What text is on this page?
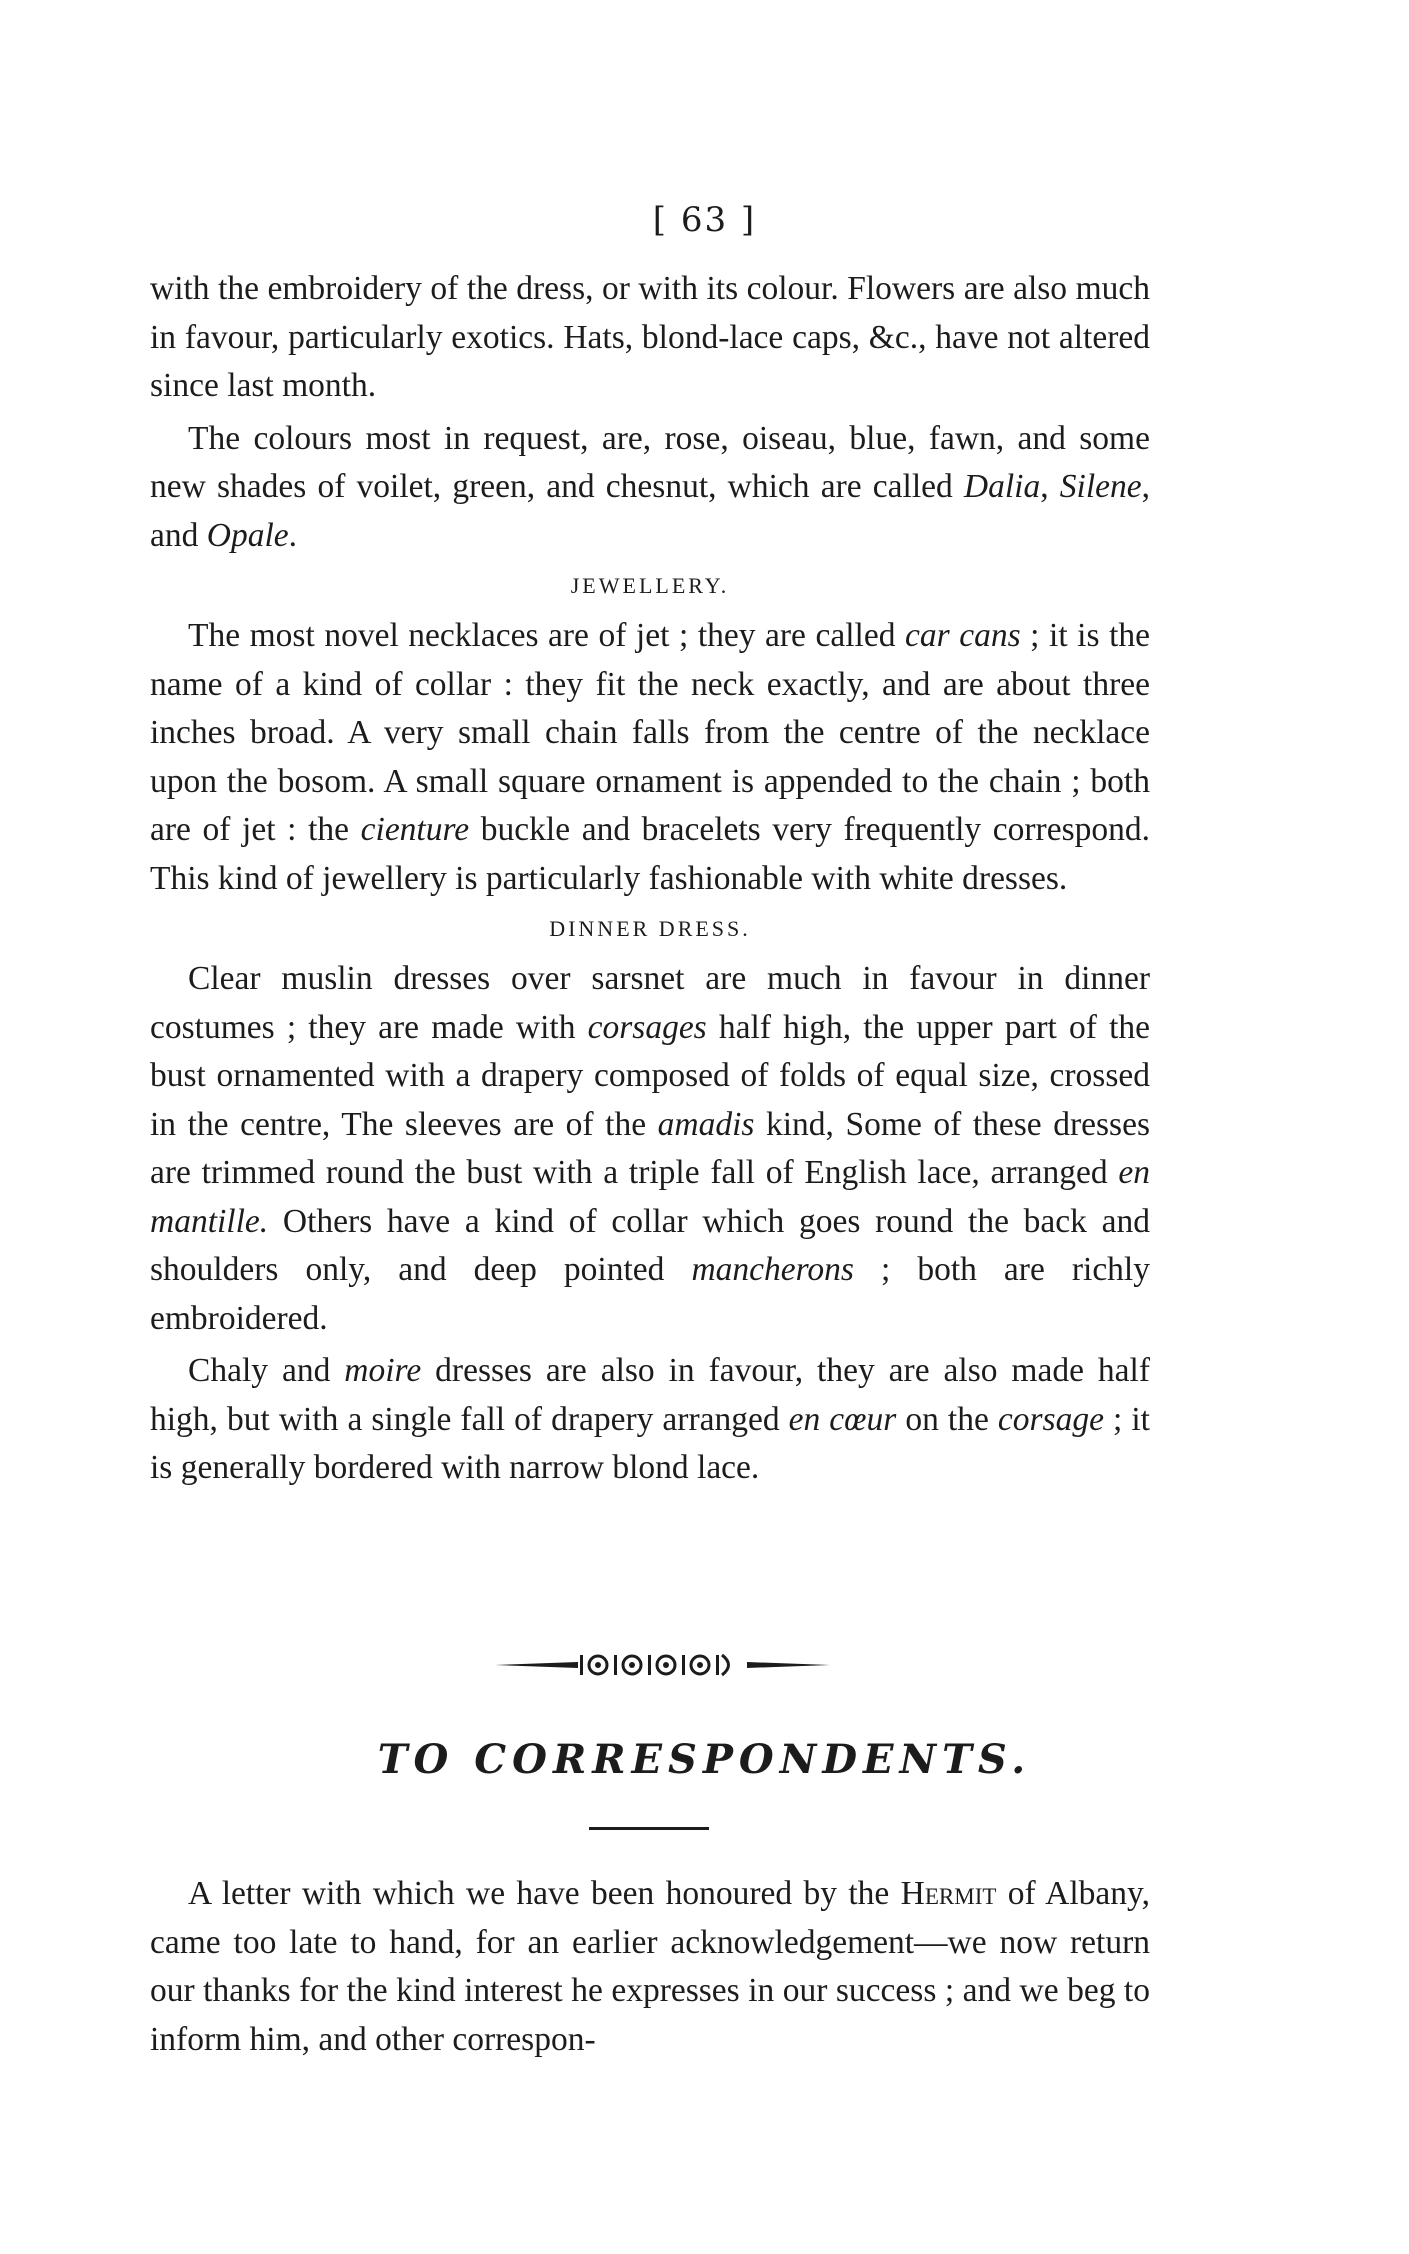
[ 63 ]

with the embroidery of the dress, or with its colour. Flowers are also much in favour, particularly exotics. Hats, blond-lace caps, &c., have not altered since last month.

The colours most in request, are, rose, oiseau, blue, fawn, and some new shades of voilet, green, and chesnut, which are called Dalia, Silene, and Opale.

JEWELLERY.

The most novel necklaces are of jet ; they are called car cans ; it is the name of a kind of collar : they fit the neck exactly, and are about three inches broad. A very small chain falls from the centre of the necklace upon the bosom. A small square ornament is appended to the chain ; both are of jet : the cienture buckle and bracelets very frequently correspond. This kind of jewellery is particularly fashionable with white dresses.

DINNER DRESS.

Clear muslin dresses over sarsnet are much in favour in dinner costumes ; they are made with corsages half high, the upper part of the bust ornamented with a drapery composed of folds of equal size, crossed in the centre, The sleeves are of the amadis kind, Some of these dresses are trimmed round the bust with a triple fall of English lace, arranged en mantille. Others have a kind of collar which goes round the back and shoulders only, and deep pointed mancherons ; both are richly embroidered.

Chaly and moire dresses are also in favour, they are also made half high, but with a single fall of drapery arranged en cœur on the corsage ; it is generally bordered with narrow blond lace.

TO CORRESPONDENTS.

A letter with which we have been honoured by the Hermit of Albany, came too late to hand, for an earlier acknowledgement—we now return our thanks for the kind interest he expresses in our success ; and we beg to inform him, and other correspon-
